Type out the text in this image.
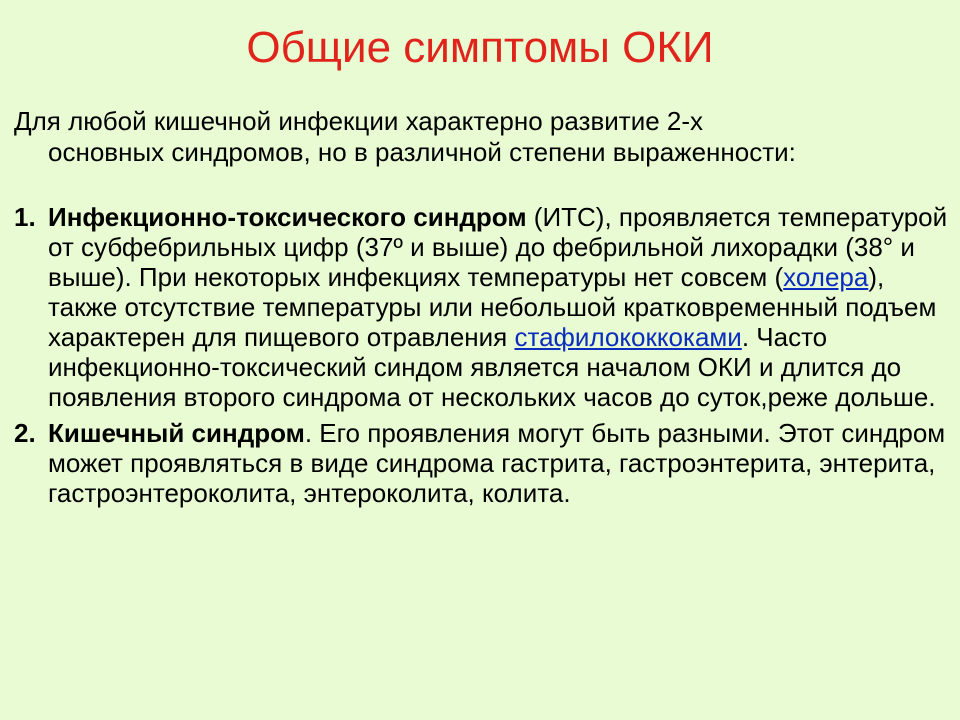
Общие симптомы ОКИ

Для любой кишечной инфекции характерно развитие 2-х
основных синдромов, но в различной степени выраженности:

1. Инфекционно-токсического синдром (ИТС), проявляется температурой от субфебрильных цифр (37º и выше) до фебрильной лихорадки (38° и выше). При некоторых инфекциях температуры нет совсем (холера), также отсутствие температуры или небольшой кратковременный подъем характерен для пищевого отравления стафилококкоками. Часто инфекционно-токсический синдом является началом ОКИ и длится до появления второго синдрома от нескольких часов до суток,реже дольше.
2. Кишечный синдром. Его проявления могут быть разными. Этот синдром может проявляться в виде синдрома гастрита, гастроэнтерита, энтерита, гастроэнтероколита, энтероколита, колита.
